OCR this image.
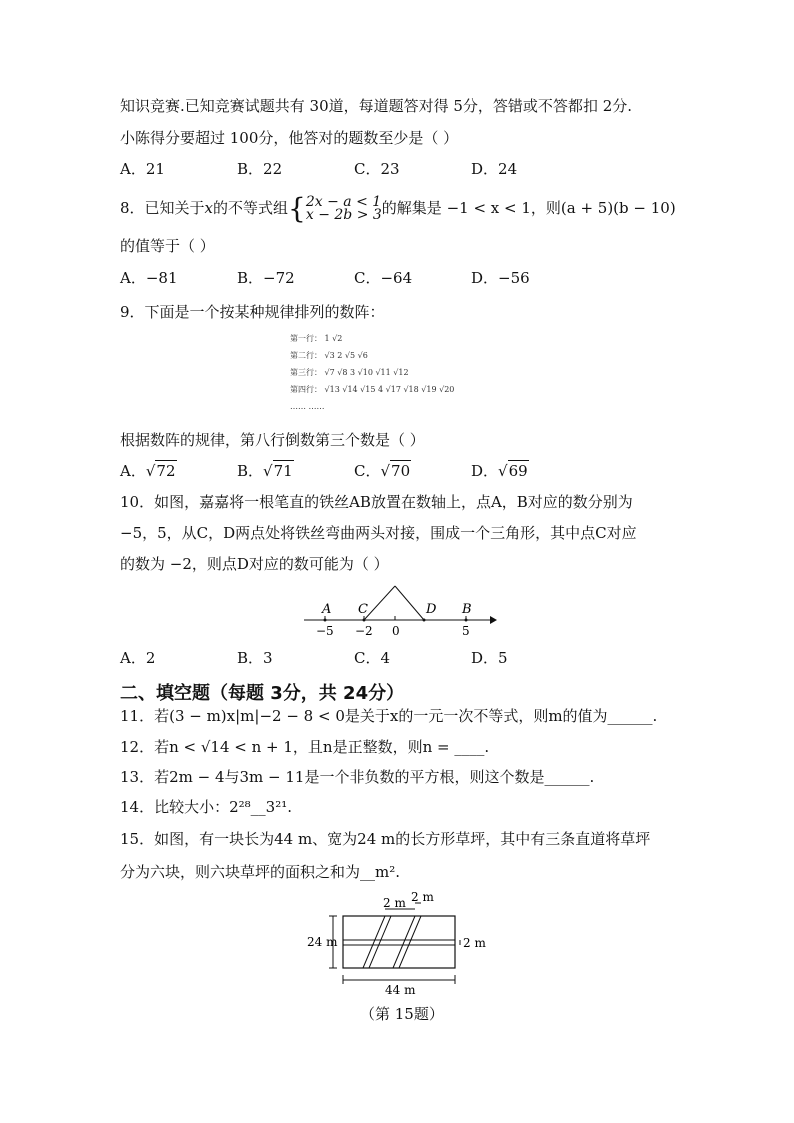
知识竞赛.已知竞赛试题共有 30道，每道题答对得 5分，答错或不答都扣 2分.
小陈得分要超过 100分，他答对的题数至少是（ ）
A．21	B．22	C．23	D．24
8．已知关于x的不等式组{2x − a < 1
x − 2b > 3的解集是 −1 < x < 1，则(a + 5)(b − 10)
的值等于（ ）
A．−81	B．−72	C．−64	D．−56
9．下面是一个按某种规律排列的数阵：
第一行： 1 √2
第二行： √3 2 √5 √6
第三行： √7 √8 3 √10 √11 √12
第四行： √13 √14 √15 4 √17 √18 √19 √20
…… ……
根据数阵的规律，第八行倒数第三个数是（ ）
A．√72	B．√71	C．√70	D．√69
10．如图，嘉嘉将一根笔直的铁丝AB放置在数轴上，点A，B对应的数分别为
−5，5，从C，D两点处将铁丝弯曲两头对接，围成一个三角形，其中点C对应
的数为 −2，则点D对应的数可能为（ ）
A C	D B
−5 −2 0	5
A．2	B．3	C．4	D．5
二、填空题（每题 3分，共 24分）
11．若(3 − m)x|m|−2 − 8 < 0是关于x的一元一次不等式，则m的值为______.
12．若n < √14 < n + 1，且n是正整数，则n = ____.
13．若2m − 4与3m − 11是一个非负数的平方根，则这个数是______.
14．比较大小：2²⁸__3²¹.
15．如图，有一块长为44 m、宽为24 m的长方形草坪，其中有三条直道将草坪
分为六块，则六块草坪的面积之和为__m².
2 m 2 m
24 m	2 m
44 m
（第 15题）
